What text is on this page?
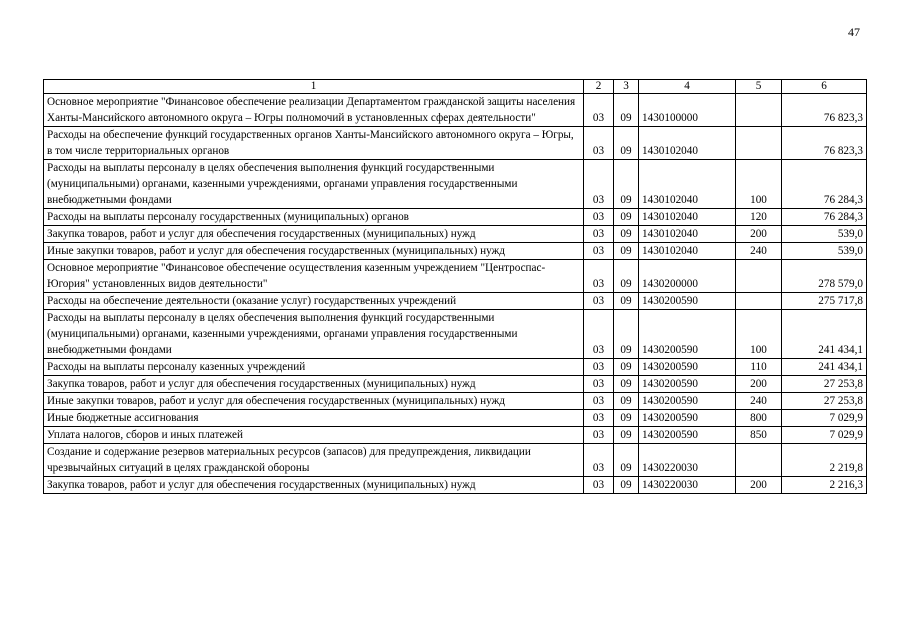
47
1	2	3	4	5	6
Основное мероприятие "Финансовое обеспечение реализации Департаментом гражданской защиты населения Ханты-Мансийского автономного округа – Югры полномочий в установленных сферах деятельности"	03	09	1430100000		76 823,3
Расходы на обеспечение функций государственных органов Ханты-Мансийского автономного округа – Югры, в том числе территориальных органов	03	09	1430102040		76 823,3
Расходы на выплаты персоналу в целях обеспечения выполнения функций государственными (муниципальными) органами, казенными учреждениями, органами управления государственными внебюджетными фондами	03	09	1430102040	100	76 284,3
Расходы на выплаты персоналу государственных (муниципальных) органов	03	09	1430102040	120	76 284,3
Закупка товаров, работ и услуг для обеспечения государственных (муниципальных) нужд	03	09	1430102040	200	539,0
Иные закупки товаров, работ и услуг для обеспечения государственных (муниципальных) нужд	03	09	1430102040	240	539,0
Основное мероприятие "Финансовое обеспечение осуществления казенным учреждением "Центроспас-Югория" установленных видов деятельности"	03	09	1430200000		278 579,0
Расходы на обеспечение деятельности (оказание услуг) государственных учреждений	03	09	1430200590		275 717,8
Расходы на выплаты персоналу в целях обеспечения выполнения функций государственными (муниципальными) органами, казенными учреждениями, органами управления государственными внебюджетными фондами	03	09	1430200590	100	241 434,1
Расходы на выплаты персоналу казенных учреждений	03	09	1430200590	110	241 434,1
Закупка товаров, работ и услуг для обеспечения государственных (муниципальных) нужд	03	09	1430200590	200	27 253,8
Иные закупки товаров, работ и услуг для обеспечения государственных (муниципальных) нужд	03	09	1430200590	240	27 253,8
Иные бюджетные ассигнования	03	09	1430200590	800	7 029,9
Уплата налогов, сборов и иных платежей	03	09	1430200590	850	7 029,9
Создание и содержание резервов материальных ресурсов (запасов) для предупреждения, ликвидации чрезвычайных ситуаций в целях гражданской обороны	03	09	1430220030		2 219,8
Закупка товаров, работ и услуг для обеспечения государственных (муниципальных) нужд	03	09	1430220030	200	2 216,3
